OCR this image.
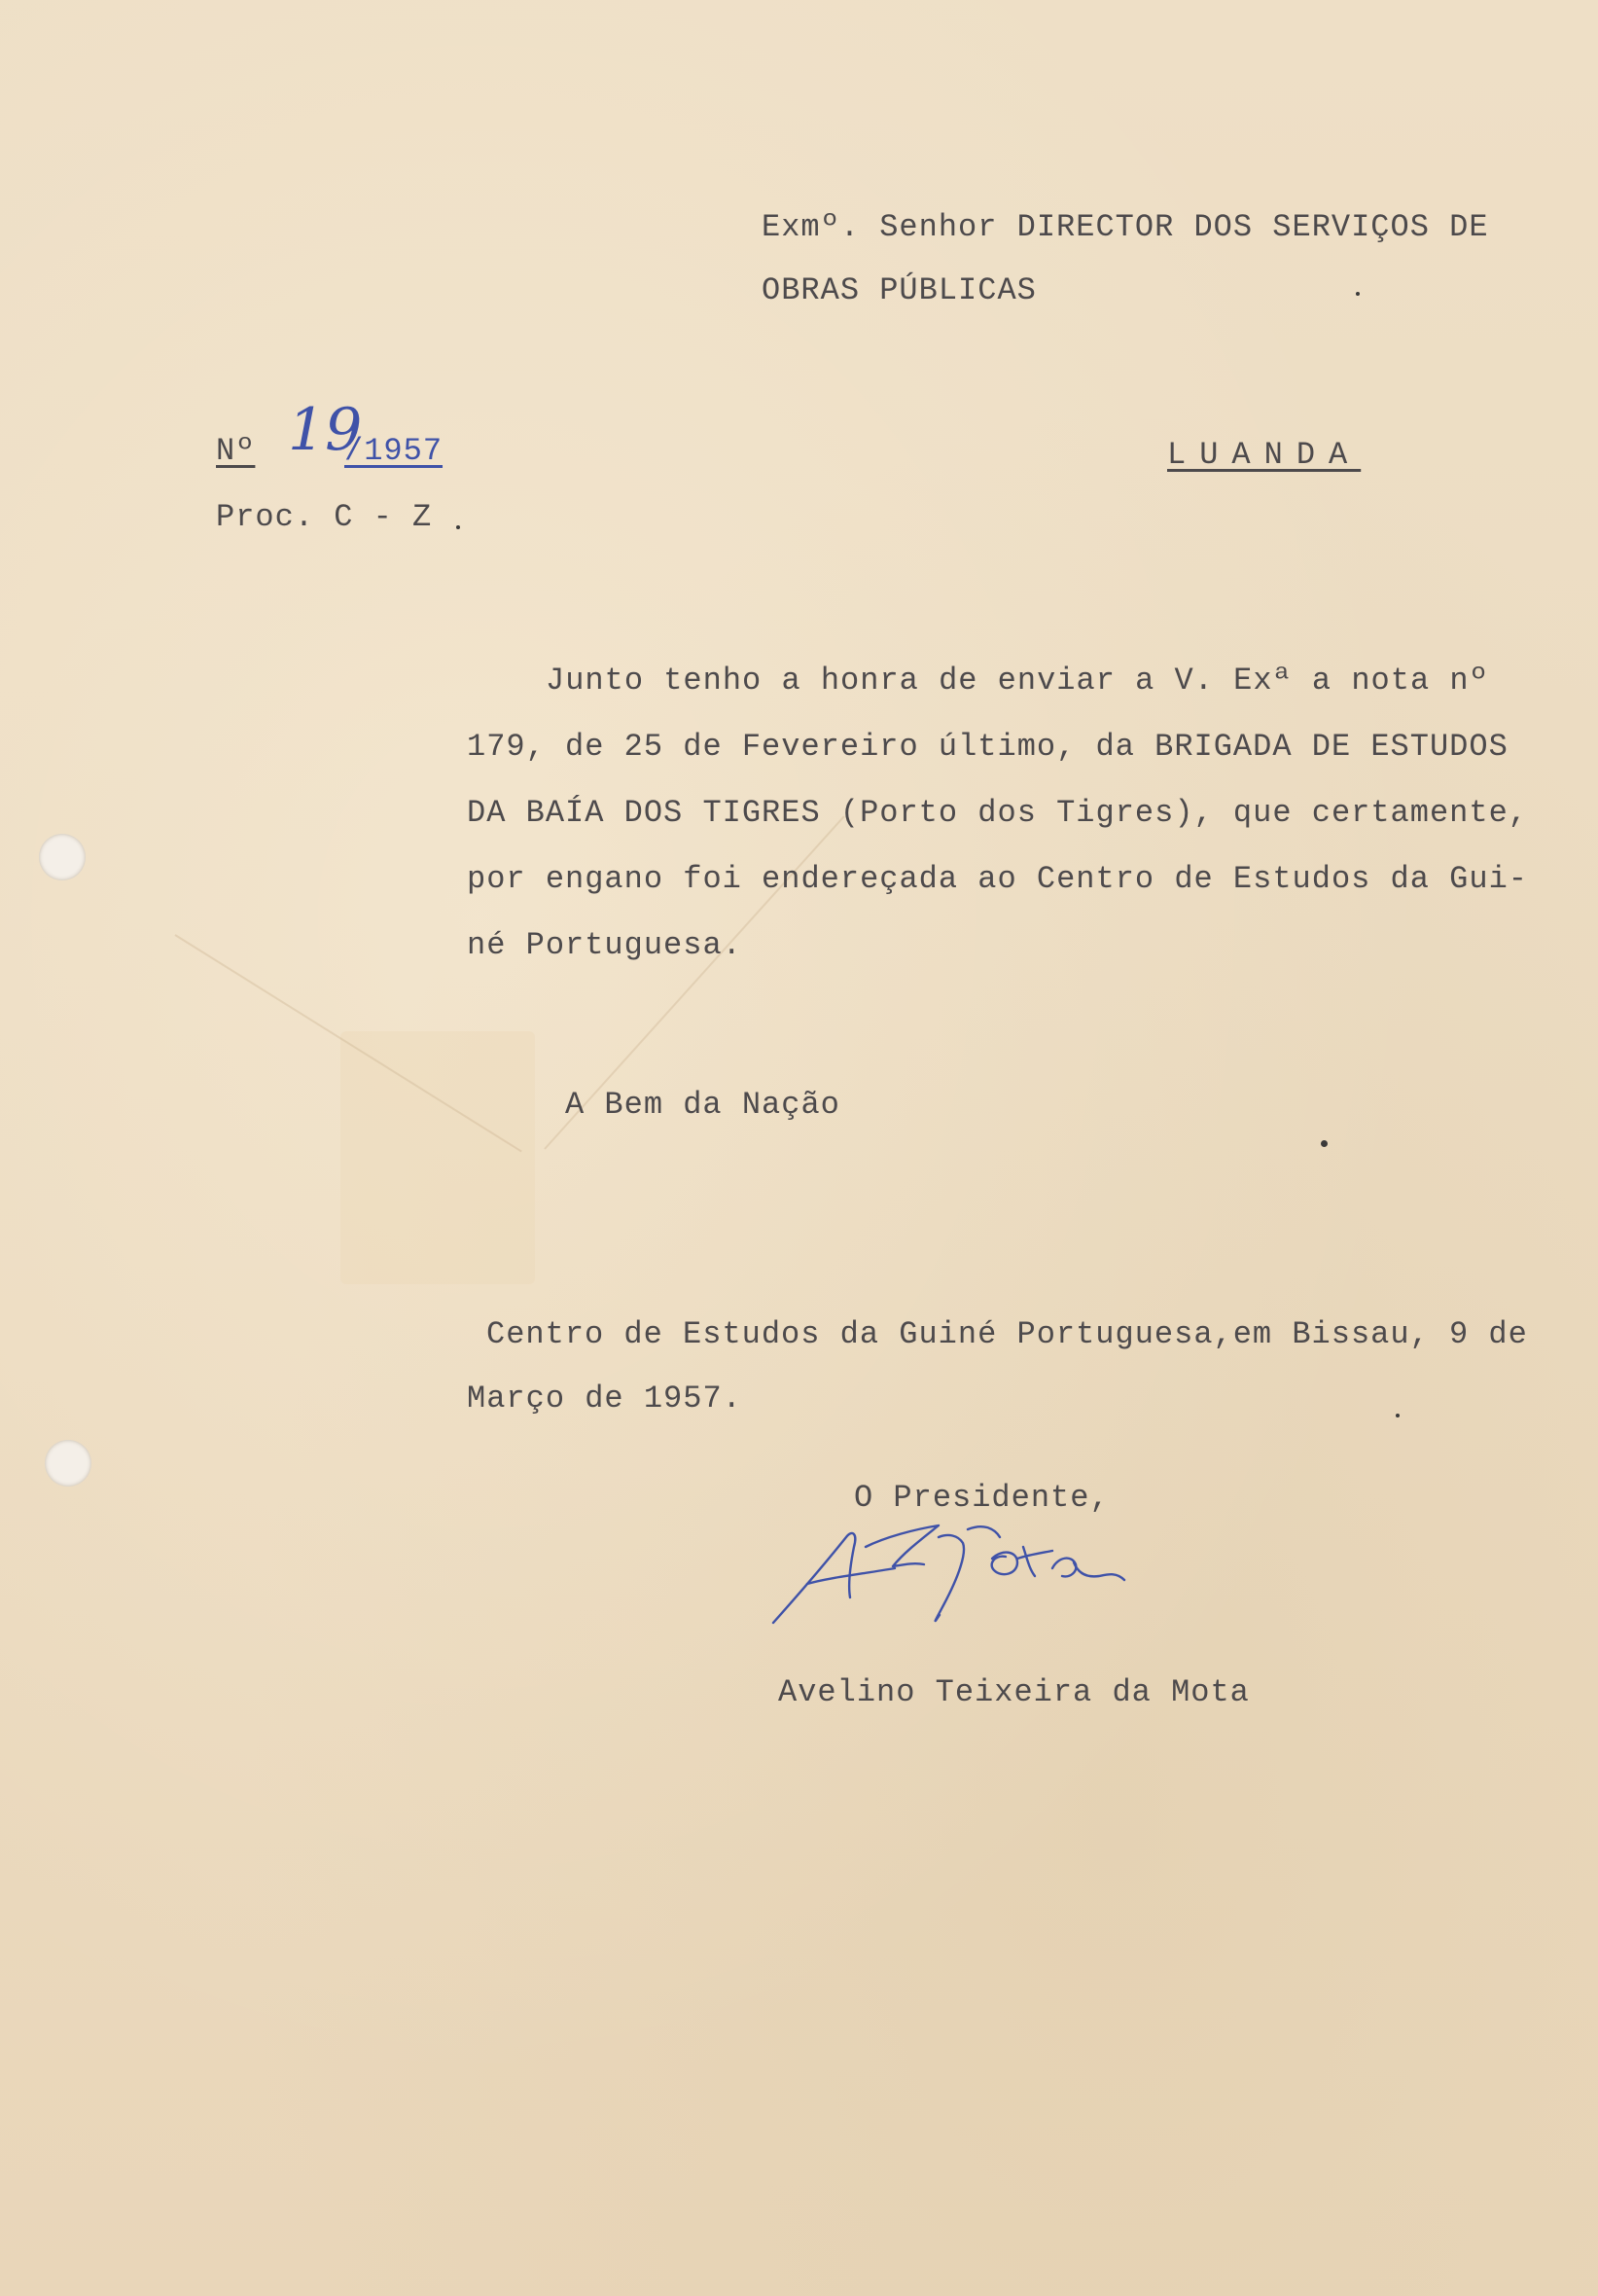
Exmº. Senhor DIRECTOR DOS SERVIÇOS DE
OBRAS PÚBLICAS
Nº 19
/1957
Proc. C - Z
LUANDA
Junto tenho a honra de enviar a V. Exª a nota nº
179, de 25 de Fevereiro último, da BRIGADA DE ESTUDOS
DA BAÍA DOS TIGRES (Porto dos Tigres), que certamente,
por engano foi endereçada ao Centro de Estudos da Gui-
né Portuguesa.
A Bem da Nação
Centro de Estudos da Guiné Portuguesa,em Bissau, 9 de
Março de 1957.
O Presidente,
Avelino Teixeira da Mota
